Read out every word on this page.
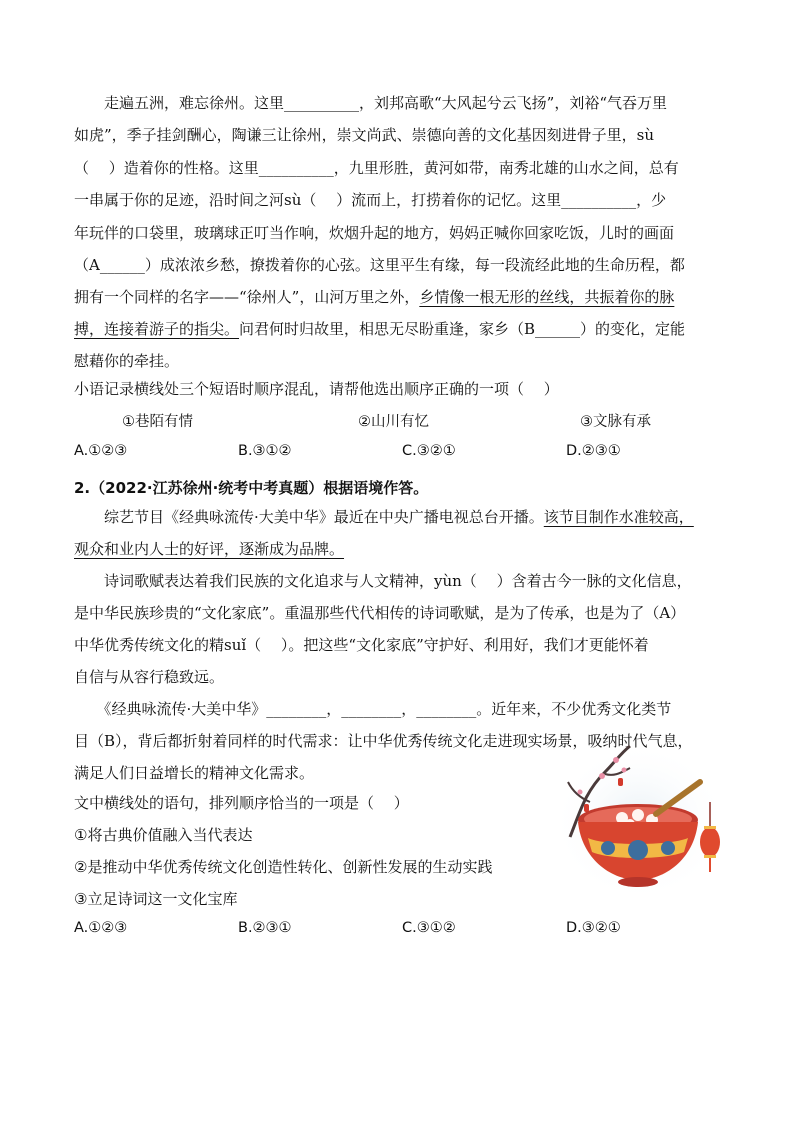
　　走遍五洲，难忘徐州。这里__________，刘邦高歌“大风起兮云飞扬”，刘裕“气吞万里
如虎”，季子挂剑酬心，陶谦三让徐州，崇文尚武、崇德向善的文化基因刻进骨子里，sù
（　 ）造着你的性格。这里__________，九里形胜，黄河如带，南秀北雄的山水之间，总有
一串属于你的足迹，沿时间之河sù（　 ）流而上，打捞着你的记忆。这里__________，少
年玩伴的口袋里，玻璃球正叮当作响，炊烟升起的地方，妈妈正喊你回家吃饭，儿时的画面
（A______）成浓浓乡愁，撩拨着你的心弦。这里平生有缘，每一段流经此地的生命历程，都
拥有一个同样的名字——“徐州人”，山河万里之外，乡情像一根无形的丝线，共振着你的脉
搏，连接着游子的指尖。问君何时归故里，相思无尽盼重逢，家乡（B______）的变化，定能
慰藉你的牵挂。
小语记录横线处三个短语时顺序混乱，请帮他选出顺序正确的一项（　 ）
①巷陌有情	②山川有忆	③文脉有承
A.①②③	B.③①②	C.③②①	D.②③①
2.（2022·江苏徐州·统考中考真题）根据语境作答。
　　综艺节目《经典咏流传·大美中华》最近在中央广播电视总台开播。该节目制作水准较高，
观众和业内人士的好评，逐渐成为品牌。
　　诗词歌赋表达着我们民族的文化追求与人文精神，yùn（　 ）含着古今一脉的文化信息，
是中华民族珍贵的“文化家底”。重温那些代代相传的诗词歌赋，是为了传承，也是为了（A）
中华优秀传统文化的精suǐ（　 ）。把这些“文化家底”守护好、利用好，我们才更能怀着
自信与从容行稳致远。
　　《经典咏流传·大美中华》________，________，________。近年来，不少优秀文化类节
目（B），背后都折射着同样的时代需求：让中华优秀传统文化走进现实场景，吸纳时代气息，
满足人们日益增长的精神文化需求。
文中横线处的语句，排列顺序恰当的一项是（　 ）
①将古典价值融入当代表达
②是推动中华优秀传统文化创造性转化、创新性发展的生动实践
③立足诗词这一文化宝库
A.①②③	B.②③①	C.③①②	D.③②①
